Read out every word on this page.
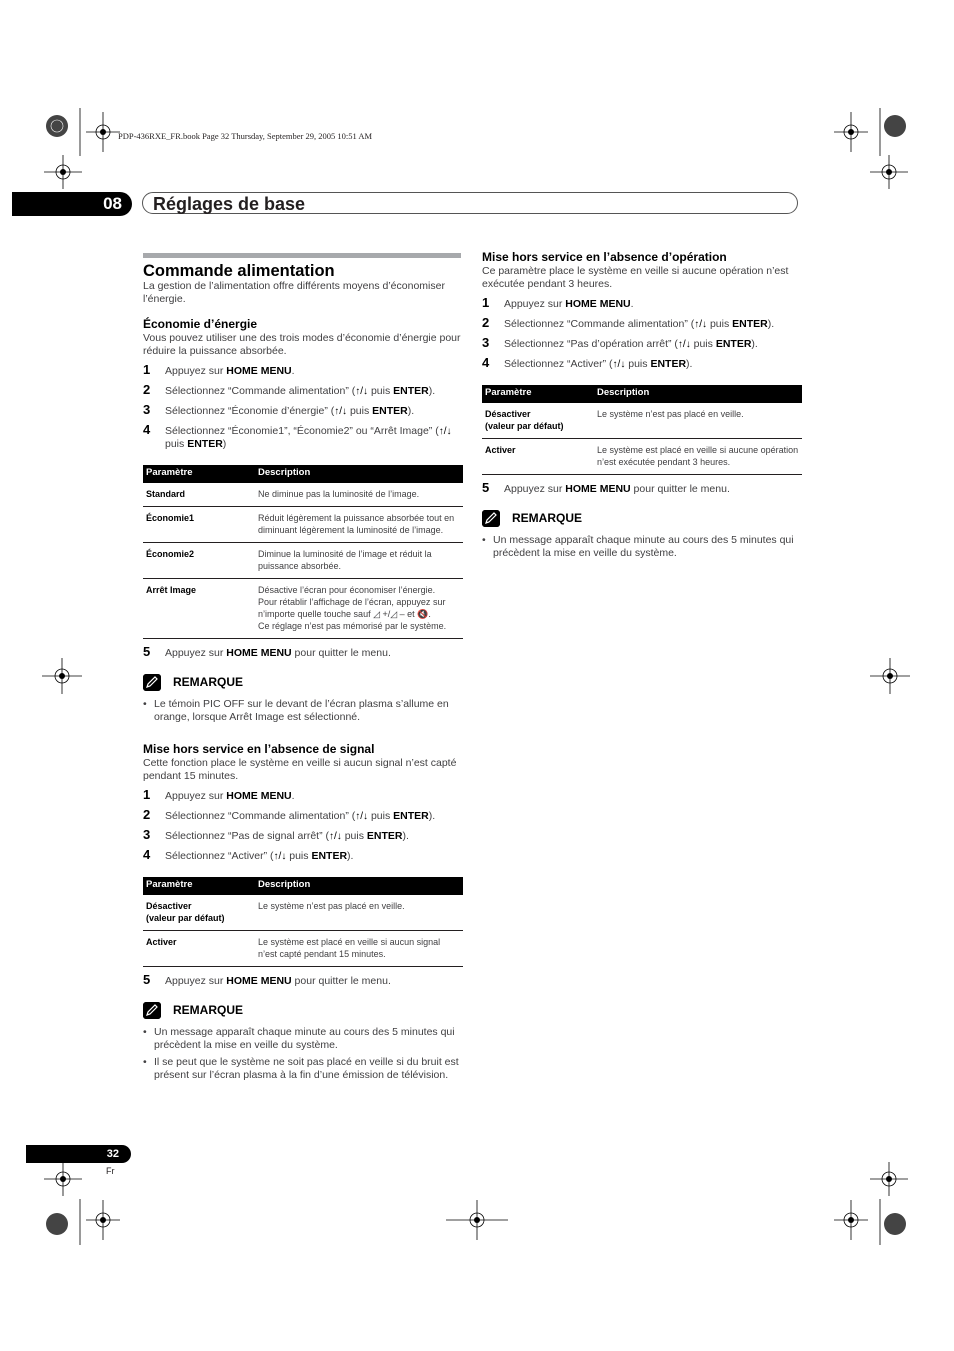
PDP-436RXE_FR.book Page 32 Thursday, September 29, 2005 10:51 AM
08	Réglages de base

Commande alimentation

La gestion de l’alimentation offre différents moyens d’économiser l’énergie.

Économie d’énergie

Vous pouvez utiliser une des trois modes d’économie d’énergie pour réduire la puissance absorbée.

1 Appuyez sur HOME MENU.
2 Sélectionnez “Commande alimentation” (↑/↓ puis ENTER).
3 Sélectionnez “Économie d’énergie” (↑/↓ puis ENTER).
4 Sélectionnez “Économie1”, “Économie2” ou “Arrêt Image” (↑/↓ puis ENTER)
Paramètre	Description
Standard	Ne diminue pas la luminosité de l’image.
Économie1	Réduit légèrement la puissance absorbée tout en diminuant légèrement la luminosité de l’image.
Économie2	Diminue la luminosité de l’image et réduit la puissance absorbée.
Arrêt Image	Désactive l’écran pour économiser l’énergie.
Pour rétablir l’affichage de l’écran, appuyez sur n’importe quelle touche sauf ◿ +/◿ – et 🔇.
Ce réglage n’est pas mémorisé par le système.
5 Appuyez sur HOME MENU pour quitter le menu.
REMARQUE
• Le témoin PIC OFF sur le devant de l’écran plasma s’allume en orange, lorsque Arrêt Image est sélectionné.

Mise hors service en l’absence de signal

Cette fonction place le système en veille si aucun signal n’est capté pendant 15 minutes.

1 Appuyez sur HOME MENU.
2 Sélectionnez “Commande alimentation” (↑/↓ puis ENTER).
3 Sélectionnez “Pas de signal arrêt” (↑/↓ puis ENTER).
4 Sélectionnez “Activer” (↑/↓ puis ENTER).
Paramètre	Description

Désactiver
(valeur par défaut)	Le système n’est pas placé en veille.
Activer	Le système est placé en veille si aucun signal n’est capté pendant 15 minutes.
5 Appuyez sur HOME MENU pour quitter le menu.
REMARQUE
• Un message apparaît chaque minute au cours des 5 minutes qui précèdent la mise en veille du système.
• Il se peut que le système ne soit pas placé en veille si du bruit est présent sur l’écran plasma à la fin d’une émission de télévision.

Mise hors service en l’absence d’opération

Ce paramètre place le système en veille si aucune opération n’est exécutée pendant 3 heures.

1 Appuyez sur HOME MENU.
2 Sélectionnez “Commande alimentation” (↑/↓ puis ENTER).
3 Sélectionnez “Pas d’opération arrêt” (↑/↓ puis ENTER).
4 Sélectionnez “Activer” (↑/↓ puis ENTER).
Paramètre	Description

Désactiver
(valeur par défaut)	Le système n’est pas placé en veille.
Activer	Le système est placé en veille si aucune opération n’est exécutée pendant 3 heures.
5 Appuyez sur HOME MENU pour quitter le menu.
REMARQUE
• Un message apparaît chaque minute au cours des 5 minutes qui précèdent la mise en veille du système.
32
Fr
